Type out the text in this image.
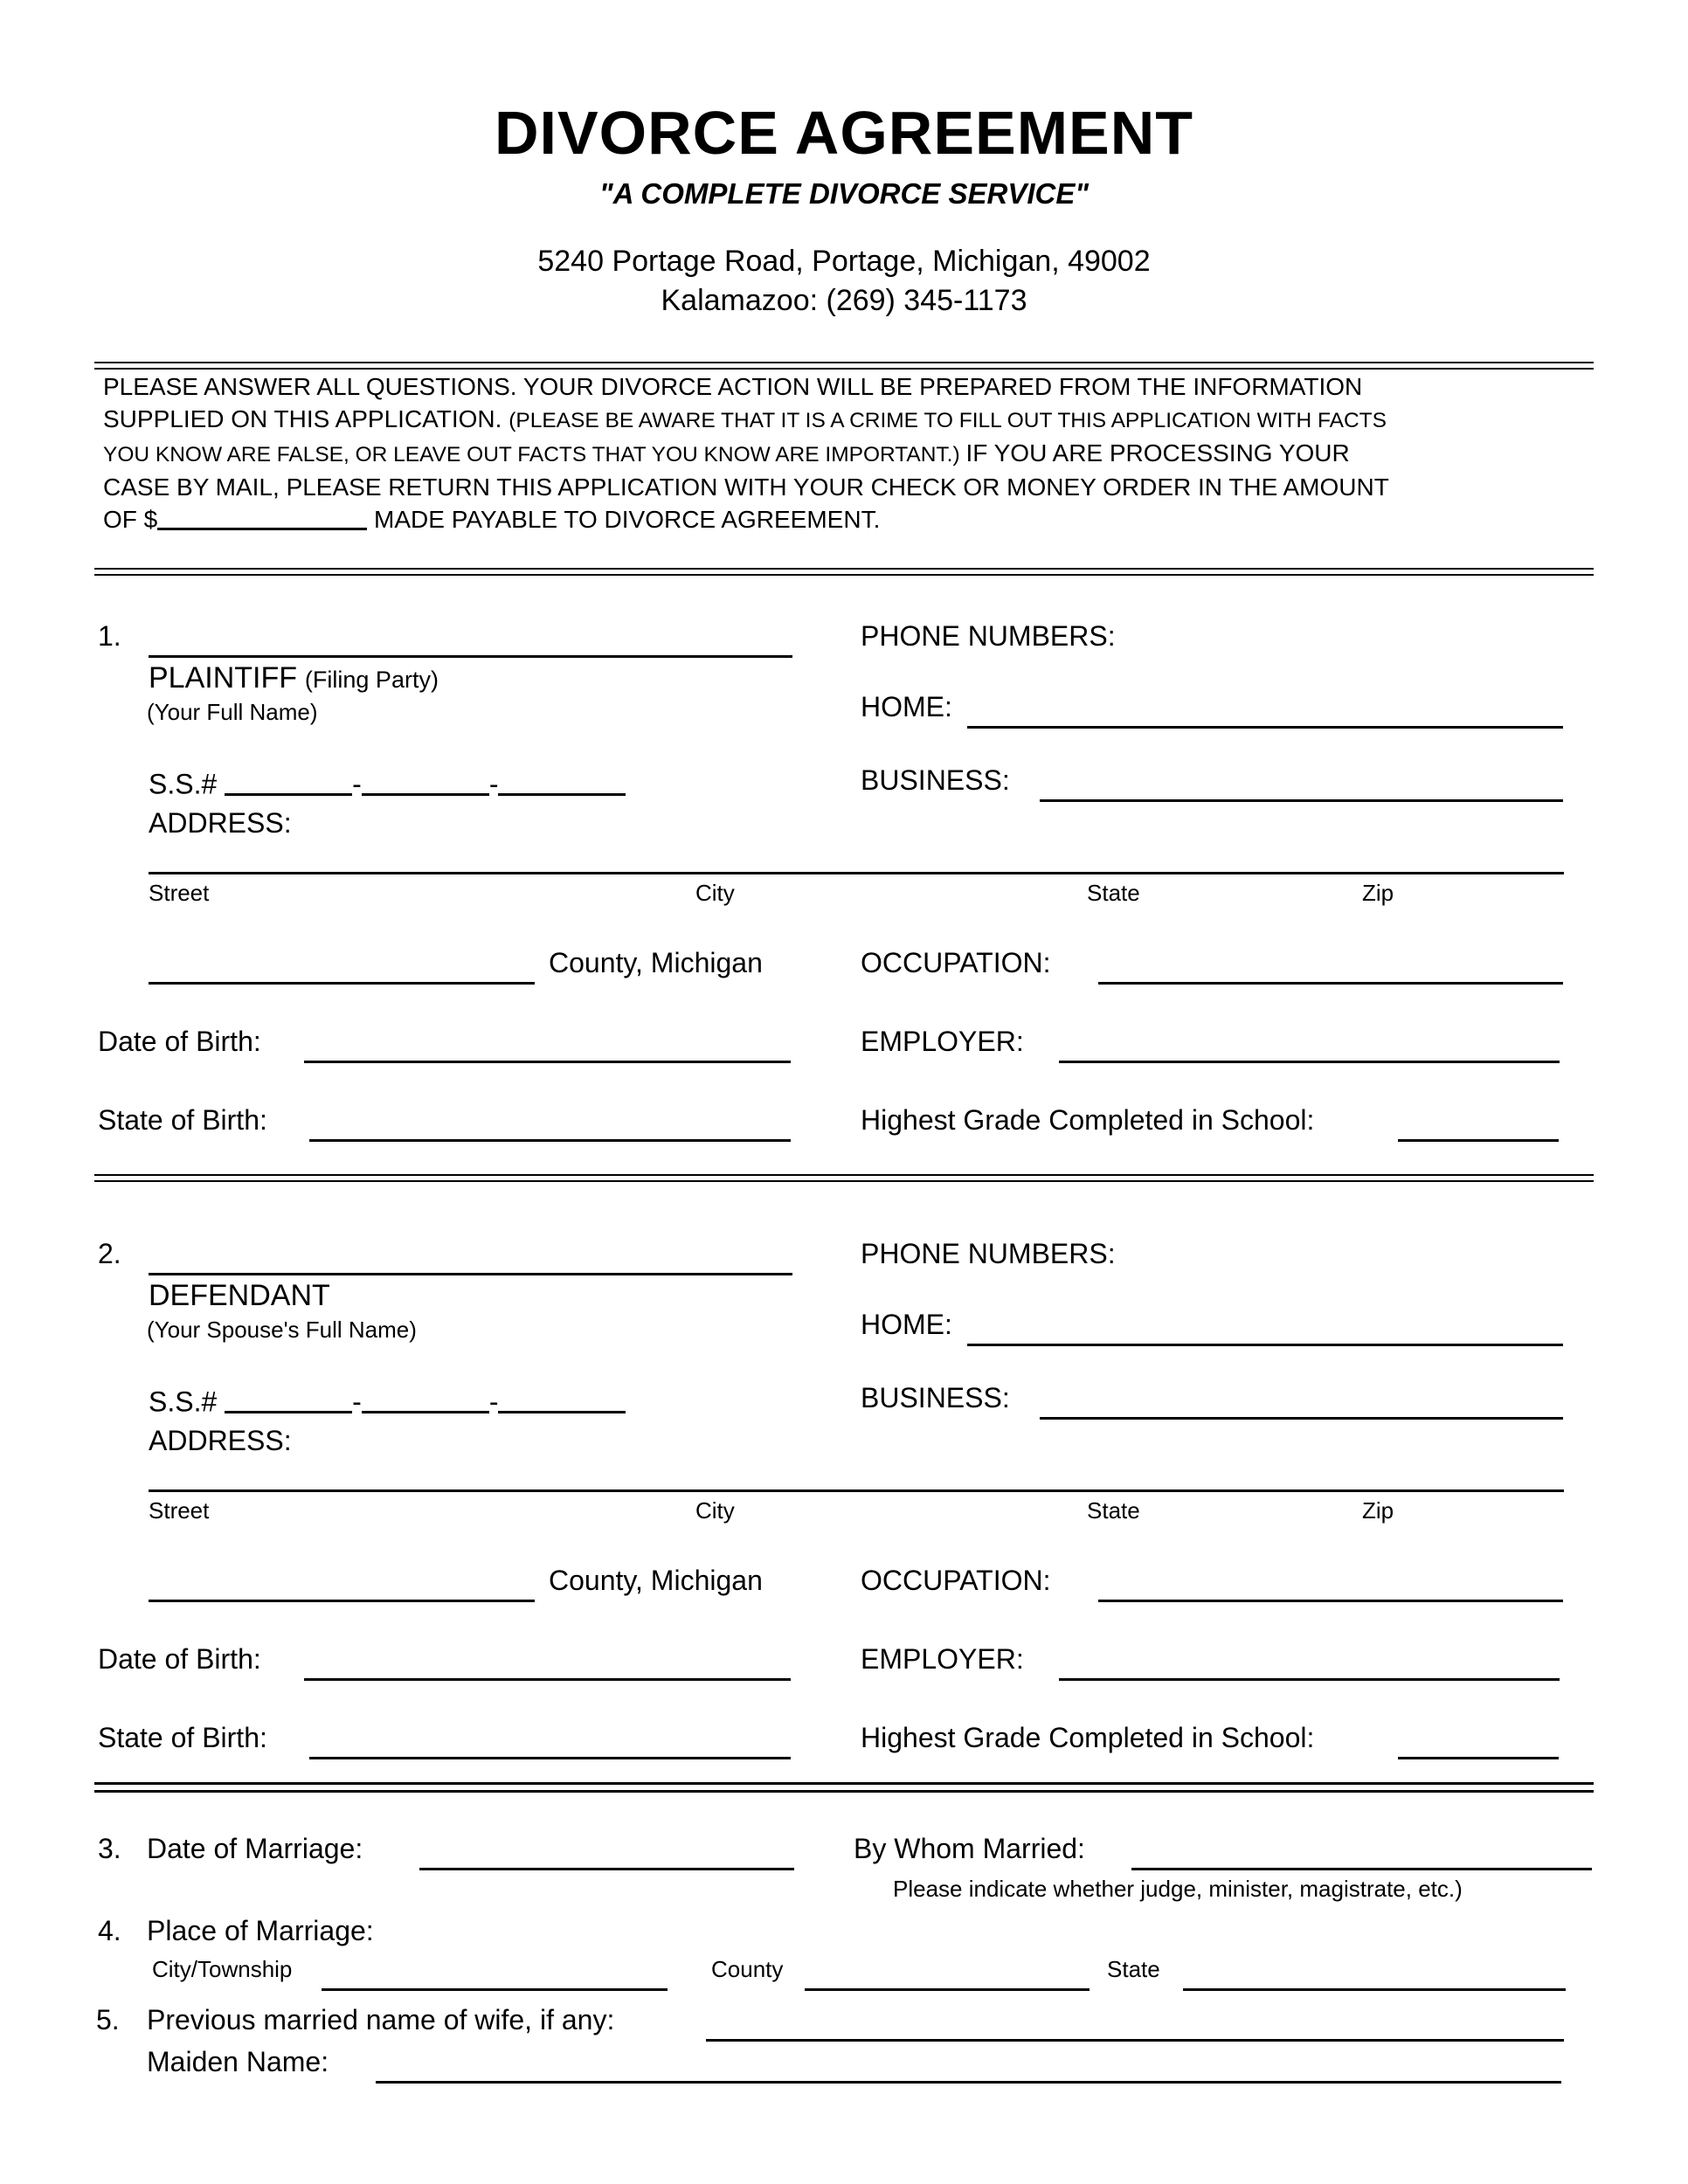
DIVORCE AGREEMENT
"A COMPLETE DIVORCE SERVICE"
5240 Portage Road, Portage, Michigan, 49002
Kalamazoo: (269) 345-1173
PLEASE ANSWER ALL QUESTIONS. YOUR DIVORCE ACTION WILL BE PREPARED FROM THE INFORMATION SUPPLIED ON THIS APPLICATION. (PLEASE BE AWARE THAT IT IS A CRIME TO FILL OUT THIS APPLICATION WITH FACTS YOU KNOW ARE FALSE, OR LEAVE OUT FACTS THAT YOU KNOW ARE IMPORTANT.) IF YOU ARE PROCESSING YOUR CASE BY MAIL, PLEASE RETURN THIS APPLICATION WITH YOUR CHECK OR MONEY ORDER IN THE AMOUNT OF $	MADE PAYABLE TO DIVORCE AGREEMENT.
1.	PHONE NUMBERS:
PLAINTIFF (Filing Party)
(Your Full Name)	HOME:
S.S.#	-	-	BUSINESS:
ADDRESS:
Street	City	State	Zip
County, Michigan	OCCUPATION:
Date of Birth:	EMPLOYER:
State of Birth:	Highest Grade Completed in School:
2.	PHONE NUMBERS:
DEFENDANT
(Your Spouse's Full Name)	HOME:
S.S.#	-	-	BUSINESS:
ADDRESS:
Street	City	State	Zip
County, Michigan	OCCUPATION:
Date of Birth:	EMPLOYER:
State of Birth:	Highest Grade Completed in School:
3. Date of Marriage:	By Whom Married:
Please indicate whether judge, minister, magistrate, etc.)
4. Place of Marriage:
City/Township	County	State
5. Previous married name of wife, if any:
Maiden Name:
